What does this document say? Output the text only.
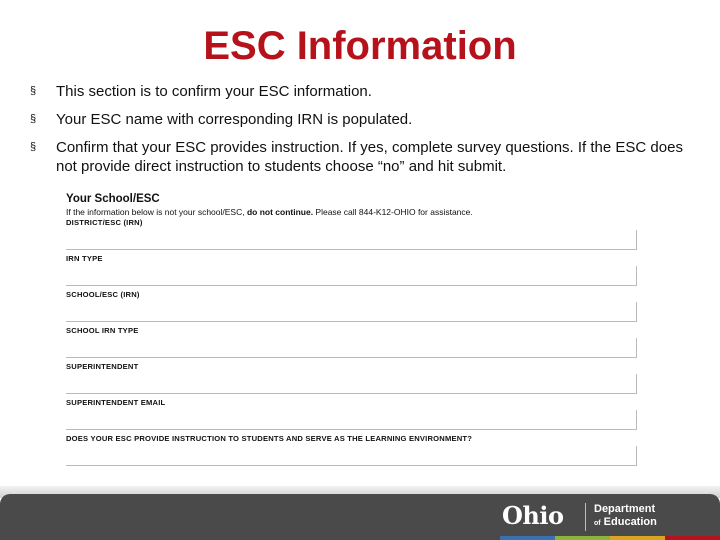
ESC Information
§ This section is to confirm your ESC information.
§ Your ESC name with corresponding IRN is populated.
§ Confirm that your ESC provides instruction. If yes, complete survey questions. If the ESC does not provide direct instruction to students choose “no” and hit submit.
Your School/ESC
If the information below is not your school/ESC, do not continue. Please call 844-K12-OHIO for assistance.
DISTRICT/ESC (IRN)
IRN TYPE
SCHOOL/ESC (IRN)
SCHOOL IRN TYPE
SUPERINTENDENT
SUPERINTENDENT EMAIL
DOES YOUR ESC PROVIDE INSTRUCTION TO STUDENTS AND SERVE AS THE LEARNING ENVIRONMENT?
Ohio	Department
of Education
